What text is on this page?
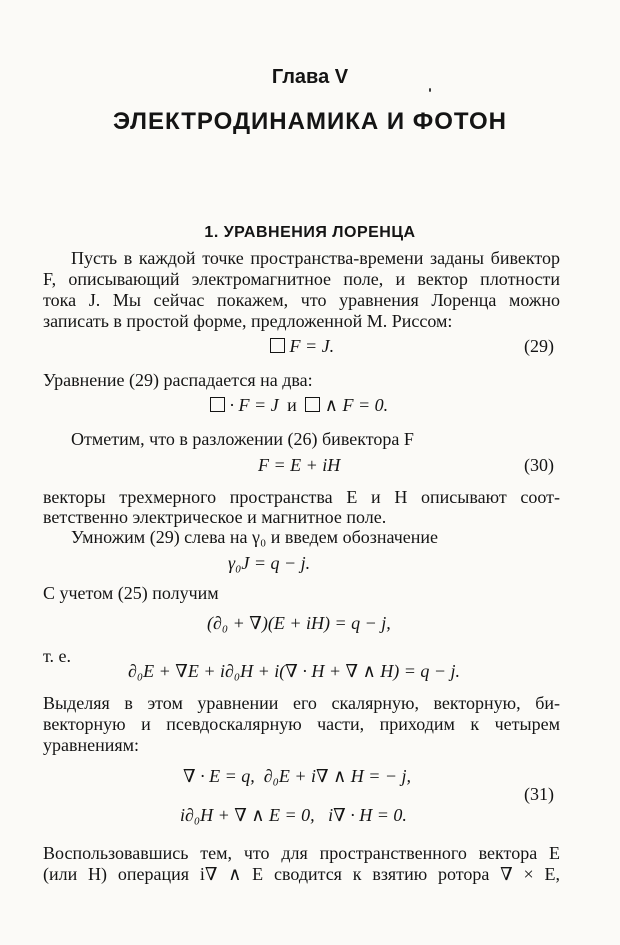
Глава V
ЭЛЕКТРОДИНАМИКА И ФОТОН
1. УРАВНЕНИЯ ЛОРЕНЦА
Пусть в каждой точке пространства-времени заданы бивектор
F, описывающий электромагнитное поле, и вектор плотности
тока J. Мы сейчас покажем, что уравнения Лоренца можно
записать в простой форме, предложенной М. Риссом:
F = J.	(29)
Уравнение (29) распадается на два:
· F = J и ∧ F = 0.
Отметим, что в разложении (26) бивектора F
F = E + iH	(30)
векторы трехмерного пространства E и H описывают соот-
ветственно электрическое и магнитное поле.
Умножим (29) слева на γ₀ и введем обозначение
γ₀J = q − j.
С учетом (25) получим
(∂₀ + ∇)(E + iH) = q − j,
т. е.
∂₀E + ∇E + i∂₀H + i(∇ · H + ∇ ∧ H) = q − j.
Выделяя в этом уравнении его скалярную, векторную, би-
векторную и псевдоскалярную части, приходим к четырем
уравнениям:
∇ · E = q,  ∂₀E + i∇ ∧ H = − j,
i∂₀H + ∇ ∧ E = 0,   i∇ · H = 0.
(31)
Воспользовавшись тем, что для пространственного вектора E
(или H) операция i∇ ∧ E сводится к взятию ротора ∇ × E,
